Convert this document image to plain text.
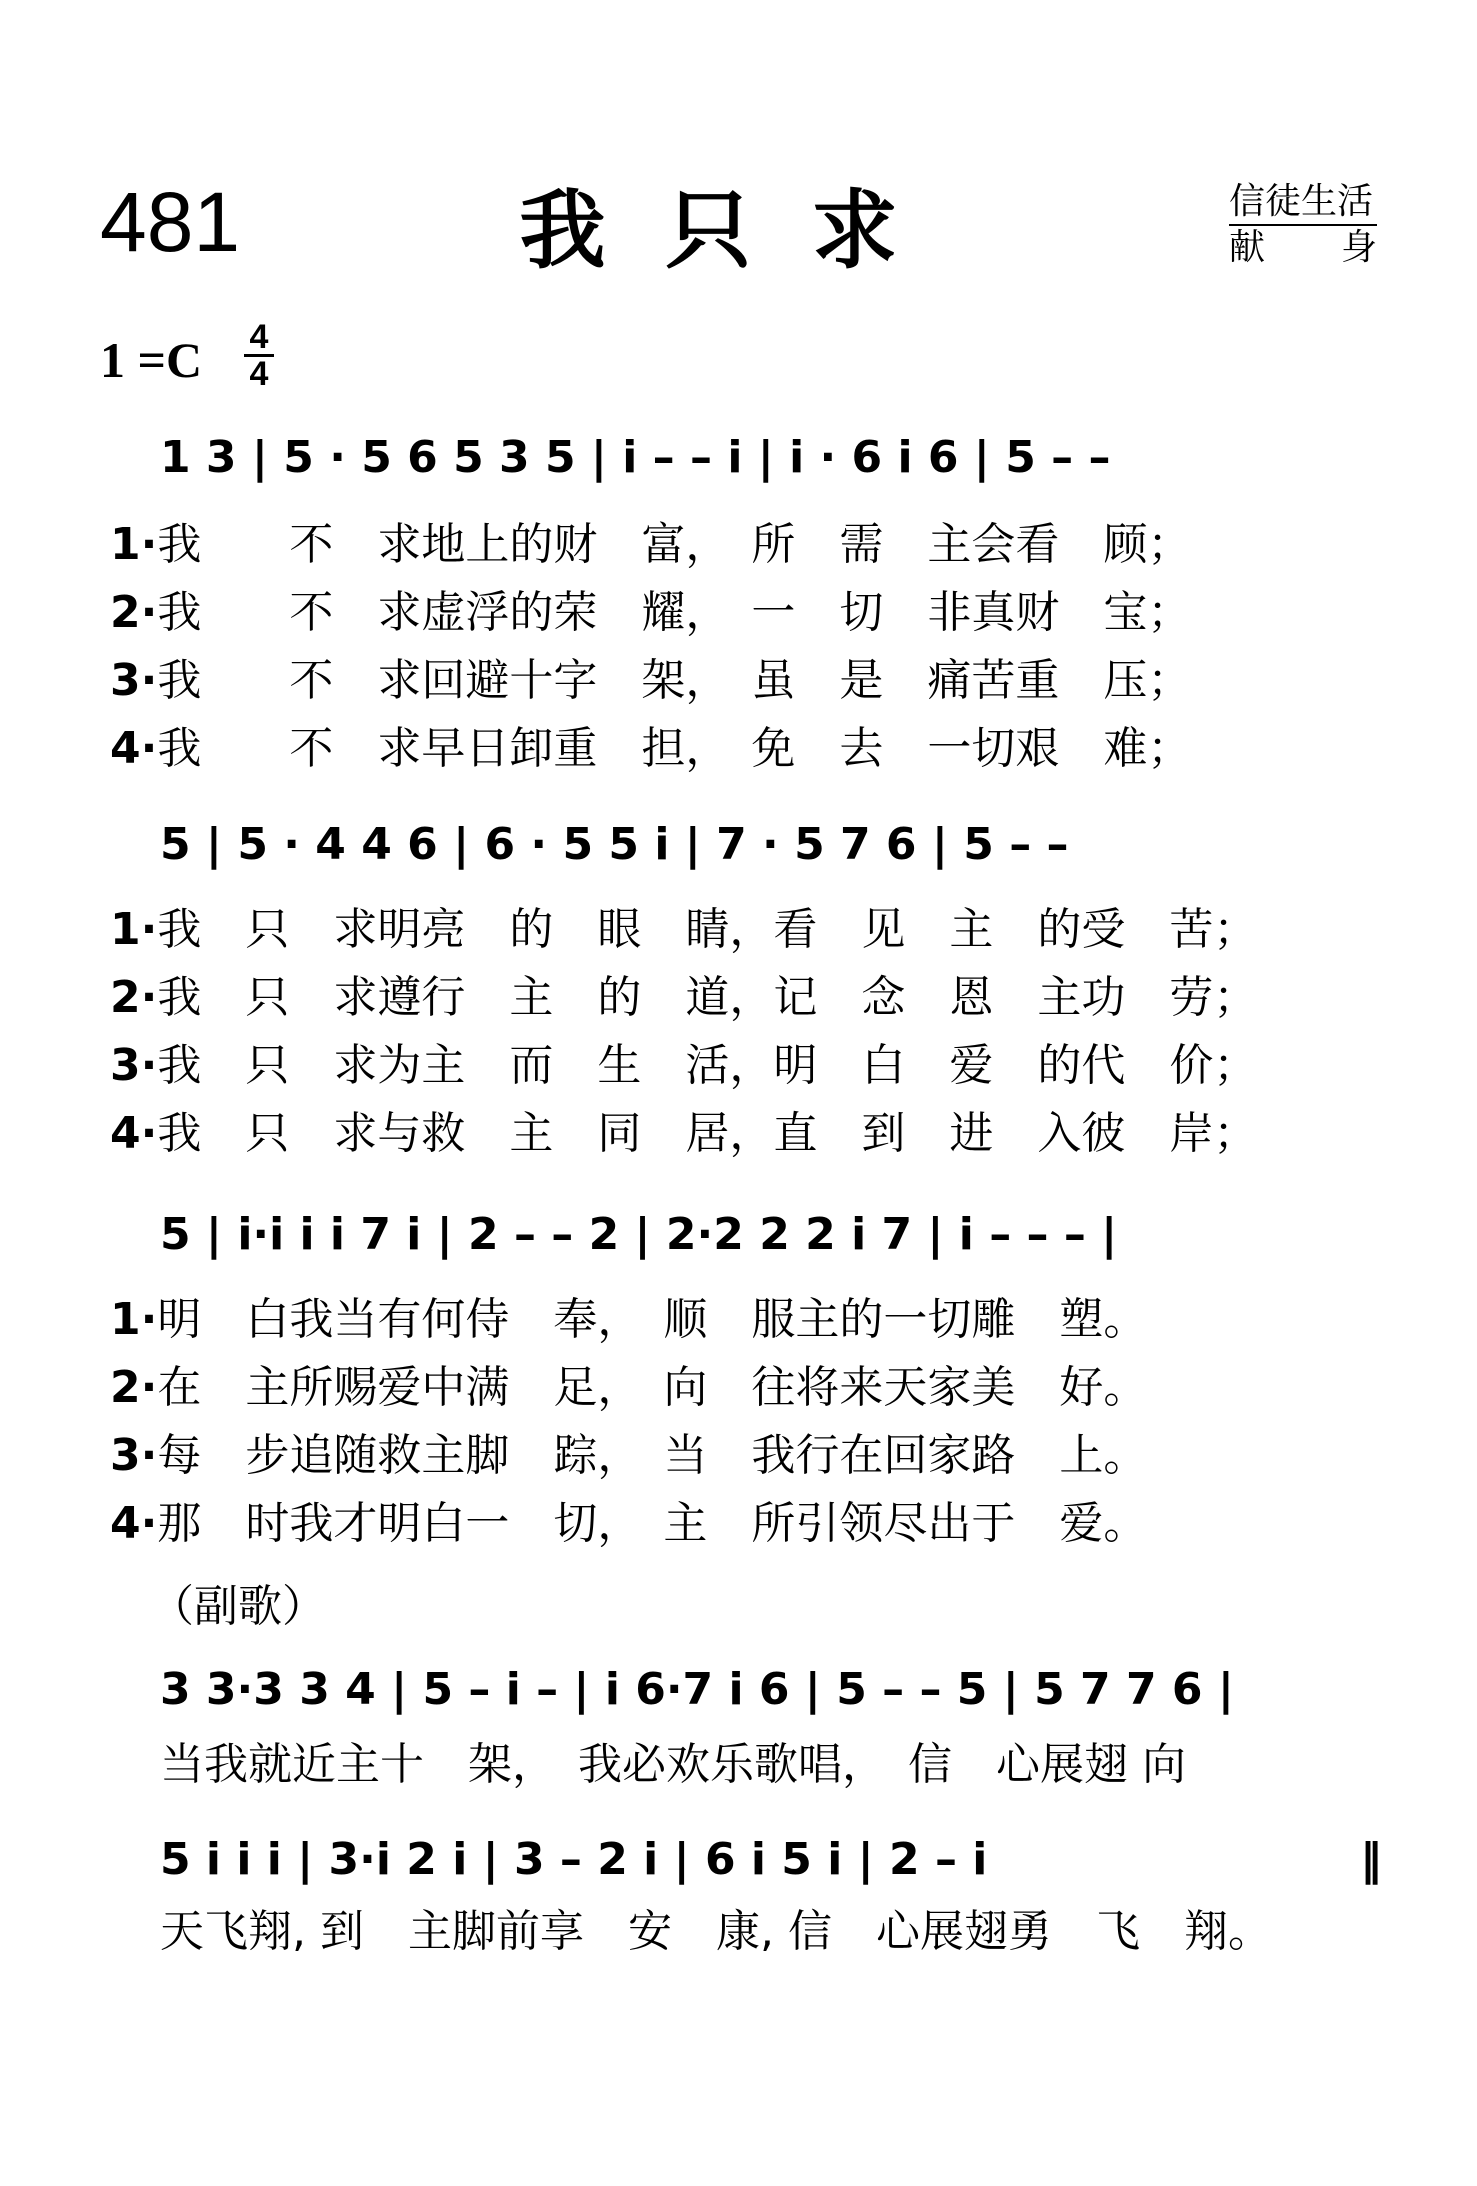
481	我只求	信徒生活
献身
1 =C 4
4
1 3 | 5 · 5 6 5 3 5 | i – – i | i · 6 i 6 | 5 – –
1·我　　不　求地上的财　富，　所　需　主会看　顾；
2·我　　不　求虚浮的荣　耀，　一　切　非真财　宝；
3·我　　不　求回避十字　架，　虽　是　痛苦重　压；
4·我　　不　求早日卸重　担，　免　去　一切艰　难；
5 | 5 · 4 4 6 | 6 · 5 5 i | 7 · 5 7 6 | 5 – –
1·我　只　求明亮　的　眼　睛，看　见　主　的受　苦；
2·我　只　求遵行　主　的　道，记　念　恩　主功　劳；
3·我　只　求为主　而　生　活，明　白　爱　的代　价；
4·我　只　求与救　主　同　居，直　到　进　入彼　岸；
5 | i·i i i 7 i | 2 – – 2 | 2·2 2 2 i 7 | i – – – |
1·明　白我当有何侍　奉，　顺　服主的一切雕　塑。
2·在　主所赐爱中满　足，　向　往将来天家美　好。
3·每　步追随救主脚　踪，　当　我行在回家路　上。
4·那　时我才明白一　切，　主　所引领尽出于　爱。
（副歌）
3 3·3 3 4 | 5 – i – | i 6·7 i 6 | 5 – – 5 | 5 7 7 6 |
当我就近主十　架，　我必欢乐歌唱，　信　心展翅 向
5 i i i | 3·i 2 i | 3 – 2 i | 6 i 5 i | 2 – i	‖
天飞翔, 到　主脚前享　安　康, 信　心展翅勇　飞　翔。
